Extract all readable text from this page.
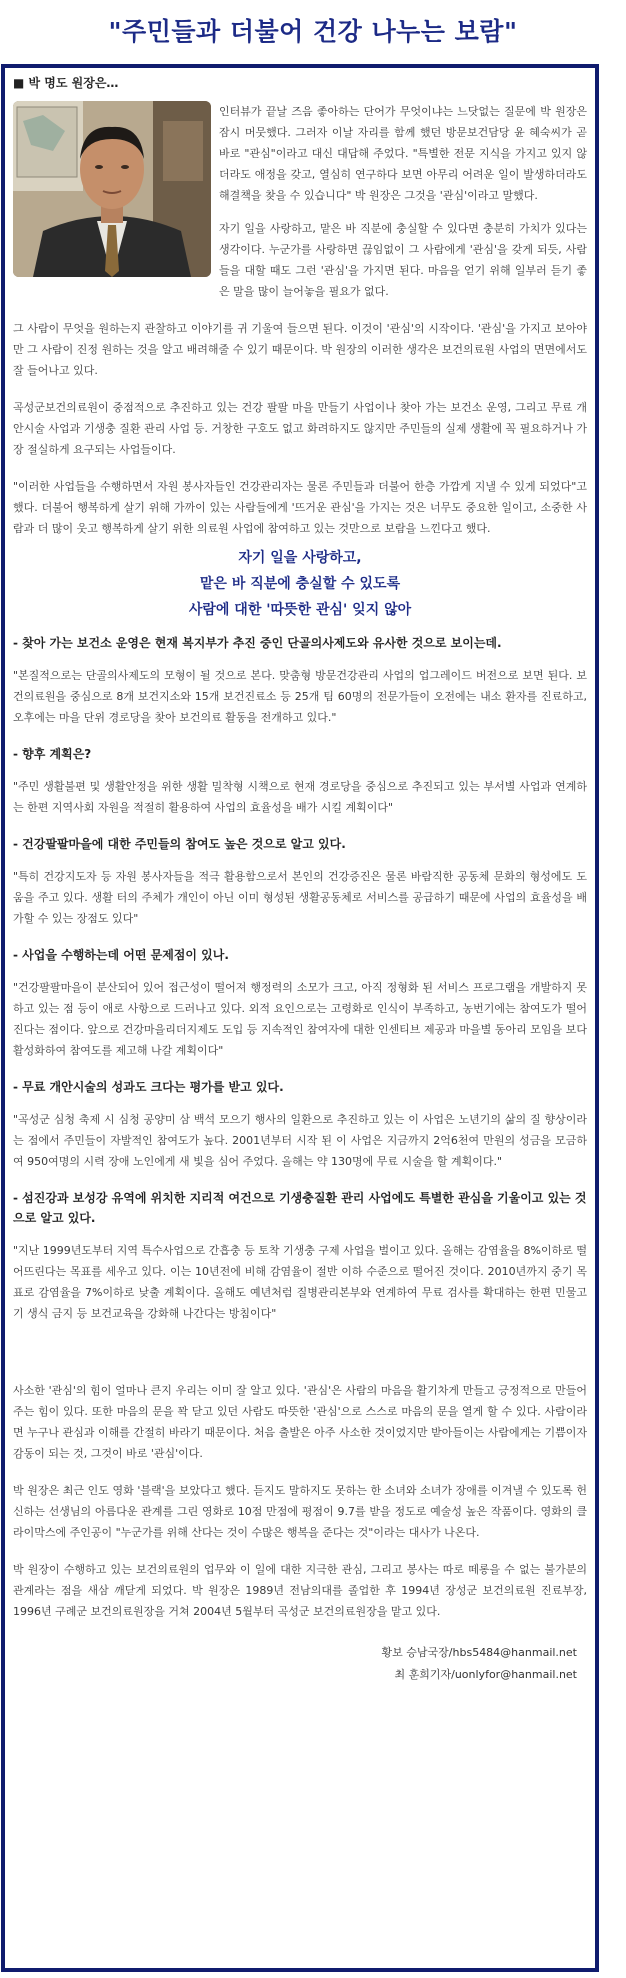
"주민들과 더불어 건강 나누는 보람"
■ 박 명도 원장은…

인터뷰가 끝날 즈음 좋아하는 단어가 무엇이냐는 느닷없는 질문에 박 원장은 잠시 머뭇했다. 그러자 이날 자리를 함께 했던 방문보건담당 윤 혜숙씨가 곧 바로 "관심"이라고 대신 대답해 주었다. "특별한 전문 지식을 가지고 있지 않더라도 애정을 갖고, 열심히 연구하다 보면 아무리 어려운 일이 발생하더라도 해결책을 찾을 수 있습니다" 박 원장은 그것을 '관심'이라고 말했다.

자기 일을 사랑하고, 맡은 바 직분에 충실할 수 있다면 충분히 가치가 있다는 생각이다. 누군가를 사랑하면 끊임없이 그 사람에게 '관심'을 갖게 되듯, 사람들을 대할 때도 그런 '관심'을 가지면 된다. 마음을 얻기 위해 일부러 듣기 좋은 말을 많이 늘어놓을 필요가 없다.

그 사람이 무엇을 원하는지 관찰하고 이야기를 귀 기울여 들으면 된다. 이것이 '관심'의 시작이다. '관심'을 가지고 보아야만 그 사람이 진정 원하는 것을 알고 배려해줄 수 있기 때문이다. 박 원장의 이러한 생각은 보건의료원 사업의 면면에서도 잘 들어나고 있다.

곡성군보건의료원이 중점적으로 추진하고 있는 건강 팔팔 마을 만들기 사업이나 찾아 가는 보건소 운영, 그리고 무료 개안시술 사업과 기생충 질환 관리 사업 등. 거창한 구호도 없고 화려하지도 않지만 주민들의 실제 생활에 꼭 필요하거나 가장 절실하게 요구되는 사업들이다.

"이러한 사업들을 수행하면서 자원 봉사자들인 건강관리자는 물론 주민들과 더불어 한층 가깝게 지낼 수 있게 되었다"고 했다. 더불어 행복하게 살기 위해 가까이 있는 사람들에게 '뜨거운 관심'을 가지는 것은 너무도 중요한 일이고, 소중한 사람과 더 많이 웃고 행복하게 살기 위한 의료원 사업에 참여하고 있는 것만으로 보람을 느낀다고 했다.

자기 일을 사랑하고,
맡은 바 직분에 충실할 수 있도록
사람에 대한 '따뜻한 관심' 잊지 않아

- 찾아 가는 보건소 운영은 현재 복지부가 추진 중인 단골의사제도와 유사한 것으로 보이는데.

"본질적으로는 단골의사제도의 모형이 될 것으로 본다. 맞춤형 방문건강관리 사업의 업그레이드 버전으로 보면 된다. 보건의료원을 중심으로 8개 보건지소와 15개 보건진료소 등 25개 팀 60명의 전문가들이 오전에는 내소 환자를 진료하고, 오후에는 마을 단위 경로당을 찾아 보건의료 활동을 전개하고 있다."

- 향후 계획은?

"주민 생활불편 및 생활안정을 위한 생활 밀착형 시책으로 현재 경로당을 중심으로 추진되고 있는 부서별 사업과 연계하는 한편 지역사회 자원을 적절히 활용하여 사업의 효율성을 배가 시킬 계획이다"

- 건강팔팔마을에 대한 주민들의 참여도 높은 것으로 알고 있다.

"특히 건강지도자 등 자원 봉사자들을 적극 활용함으로서 본인의 건강증진은 물론 바람직한 공동체 문화의 형성에도 도움을 주고 있다. 생활 터의 주체가 개인이 아닌 이미 형성된 생활공동체로 서비스를 공급하기 때문에 사업의 효율성을 배가할 수 있는 장점도 있다"

- 사업을 수행하는데 어떤 문제점이 있나.

"건강팔팔마을이 분산되어 있어 접근성이 떨어져 행정력의 소모가 크고, 아직 정형화 된 서비스 프로그램을 개발하지 못하고 있는 점 등이 애로 사항으로 드러나고 있다. 외적 요인으로는 고령화로 인식이 부족하고, 농번기에는 참여도가 떨어진다는 점이다. 앞으로 건강마을리더지제도 도입 등 지속적인 참여자에 대한 인센티브 제공과 마을별 동아리 모임을 보다 활성화하여 참여도를 제고해 나갈 계획이다"

- 무료 개안시술의 성과도 크다는 평가를 받고 있다.

"곡성군 심청 축제 시 심청 공양미 삼 백석 모으기 행사의 일환으로 추진하고 있는 이 사업은 노년기의 삶의 질 향상이라는 점에서 주민들이 자발적인 참여도가 높다. 2001년부터 시작 된 이 사업은 지금까지 2억6천여 만원의 성금을 모금하여 950여명의 시력 장애 노인에게 새 빛을 심어 주었다. 올해는 약 130명에 무료 시술을 할 계획이다."

- 섬진강과 보성강 유역에 위치한 지리적 여건으로 기생충질환 관리 사업에도 특별한 관심을 기울이고 있는 것으로 알고 있다.

"지난 1999년도부터 지역 특수사업으로 간흡충 등 토착 기생충 구제 사업을 벌이고 있다. 올해는 감염율을 8%이하로 떨어뜨린다는 목표를 세우고 있다. 이는 10년전에 비해 감염율이 절반 이하 수준으로 떨어진 것이다. 2010년까지 중기 목표로 감염율을 7%이하로 낮출 계획이다. 올해도 예년처럼 질병관리본부와 연계하여 무료 검사를 확대하는 한편 민물고기 생식 금지 등 보건교육을 강화해 나간다는 방침이다"

사소한 '관심'의 힘이 얼마나 큰지 우리는 이미 잘 알고 있다. '관심'은 사람의 마음을 활기차게 만들고 긍정적으로 만들어주는 힘이 있다. 또한 마음의 문을 꽉 닫고 있던 사람도 따뜻한 '관심'으로 스스로 마음의 문을 열게 할 수 있다. 사람이라면 누구나 관심과 이해를 간절히 바라기 때문이다. 처음 출발은 아주 사소한 것이었지만 받아들이는 사람에게는 기쁨이자 감동이 되는 것, 그것이 바로 '관심'이다.

박 원장은 최근 인도 영화 '블랙'을 보았다고 했다. 듣지도 말하지도 못하는 한 소녀와 소녀가 장애를 이겨낼 수 있도록 헌신하는 선생님의 아름다운 관계를 그린 영화로 10점 만점에 평점이 9.7를 받을 정도로 예술성 높은 작품이다. 영화의 클라이막스에 주인공이 "누군가를 위해 산다는 것이 수많은 행복을 준다는 것"이라는 대사가 나온다.

박 원장이 수행하고 있는 보건의료원의 업무와 이 일에 대한 지극한 관심, 그리고 봉사는 따로 떼롱을 수 없는 불가분의 관계라는 점을 새삼 깨닫게 되었다. 박 원장은 1989년 전남의대를 졸업한 후 1994년 장성군 보건의료원 진료부장, 1996년 구례군 보건의료원장을 거쳐 2004년 5월부터 곡성군 보건의료원장을 맡고 있다.

황보 승남국장/hbs5484@hanmail.net
최 훈희기자/uonlyfor@hanmail.net
